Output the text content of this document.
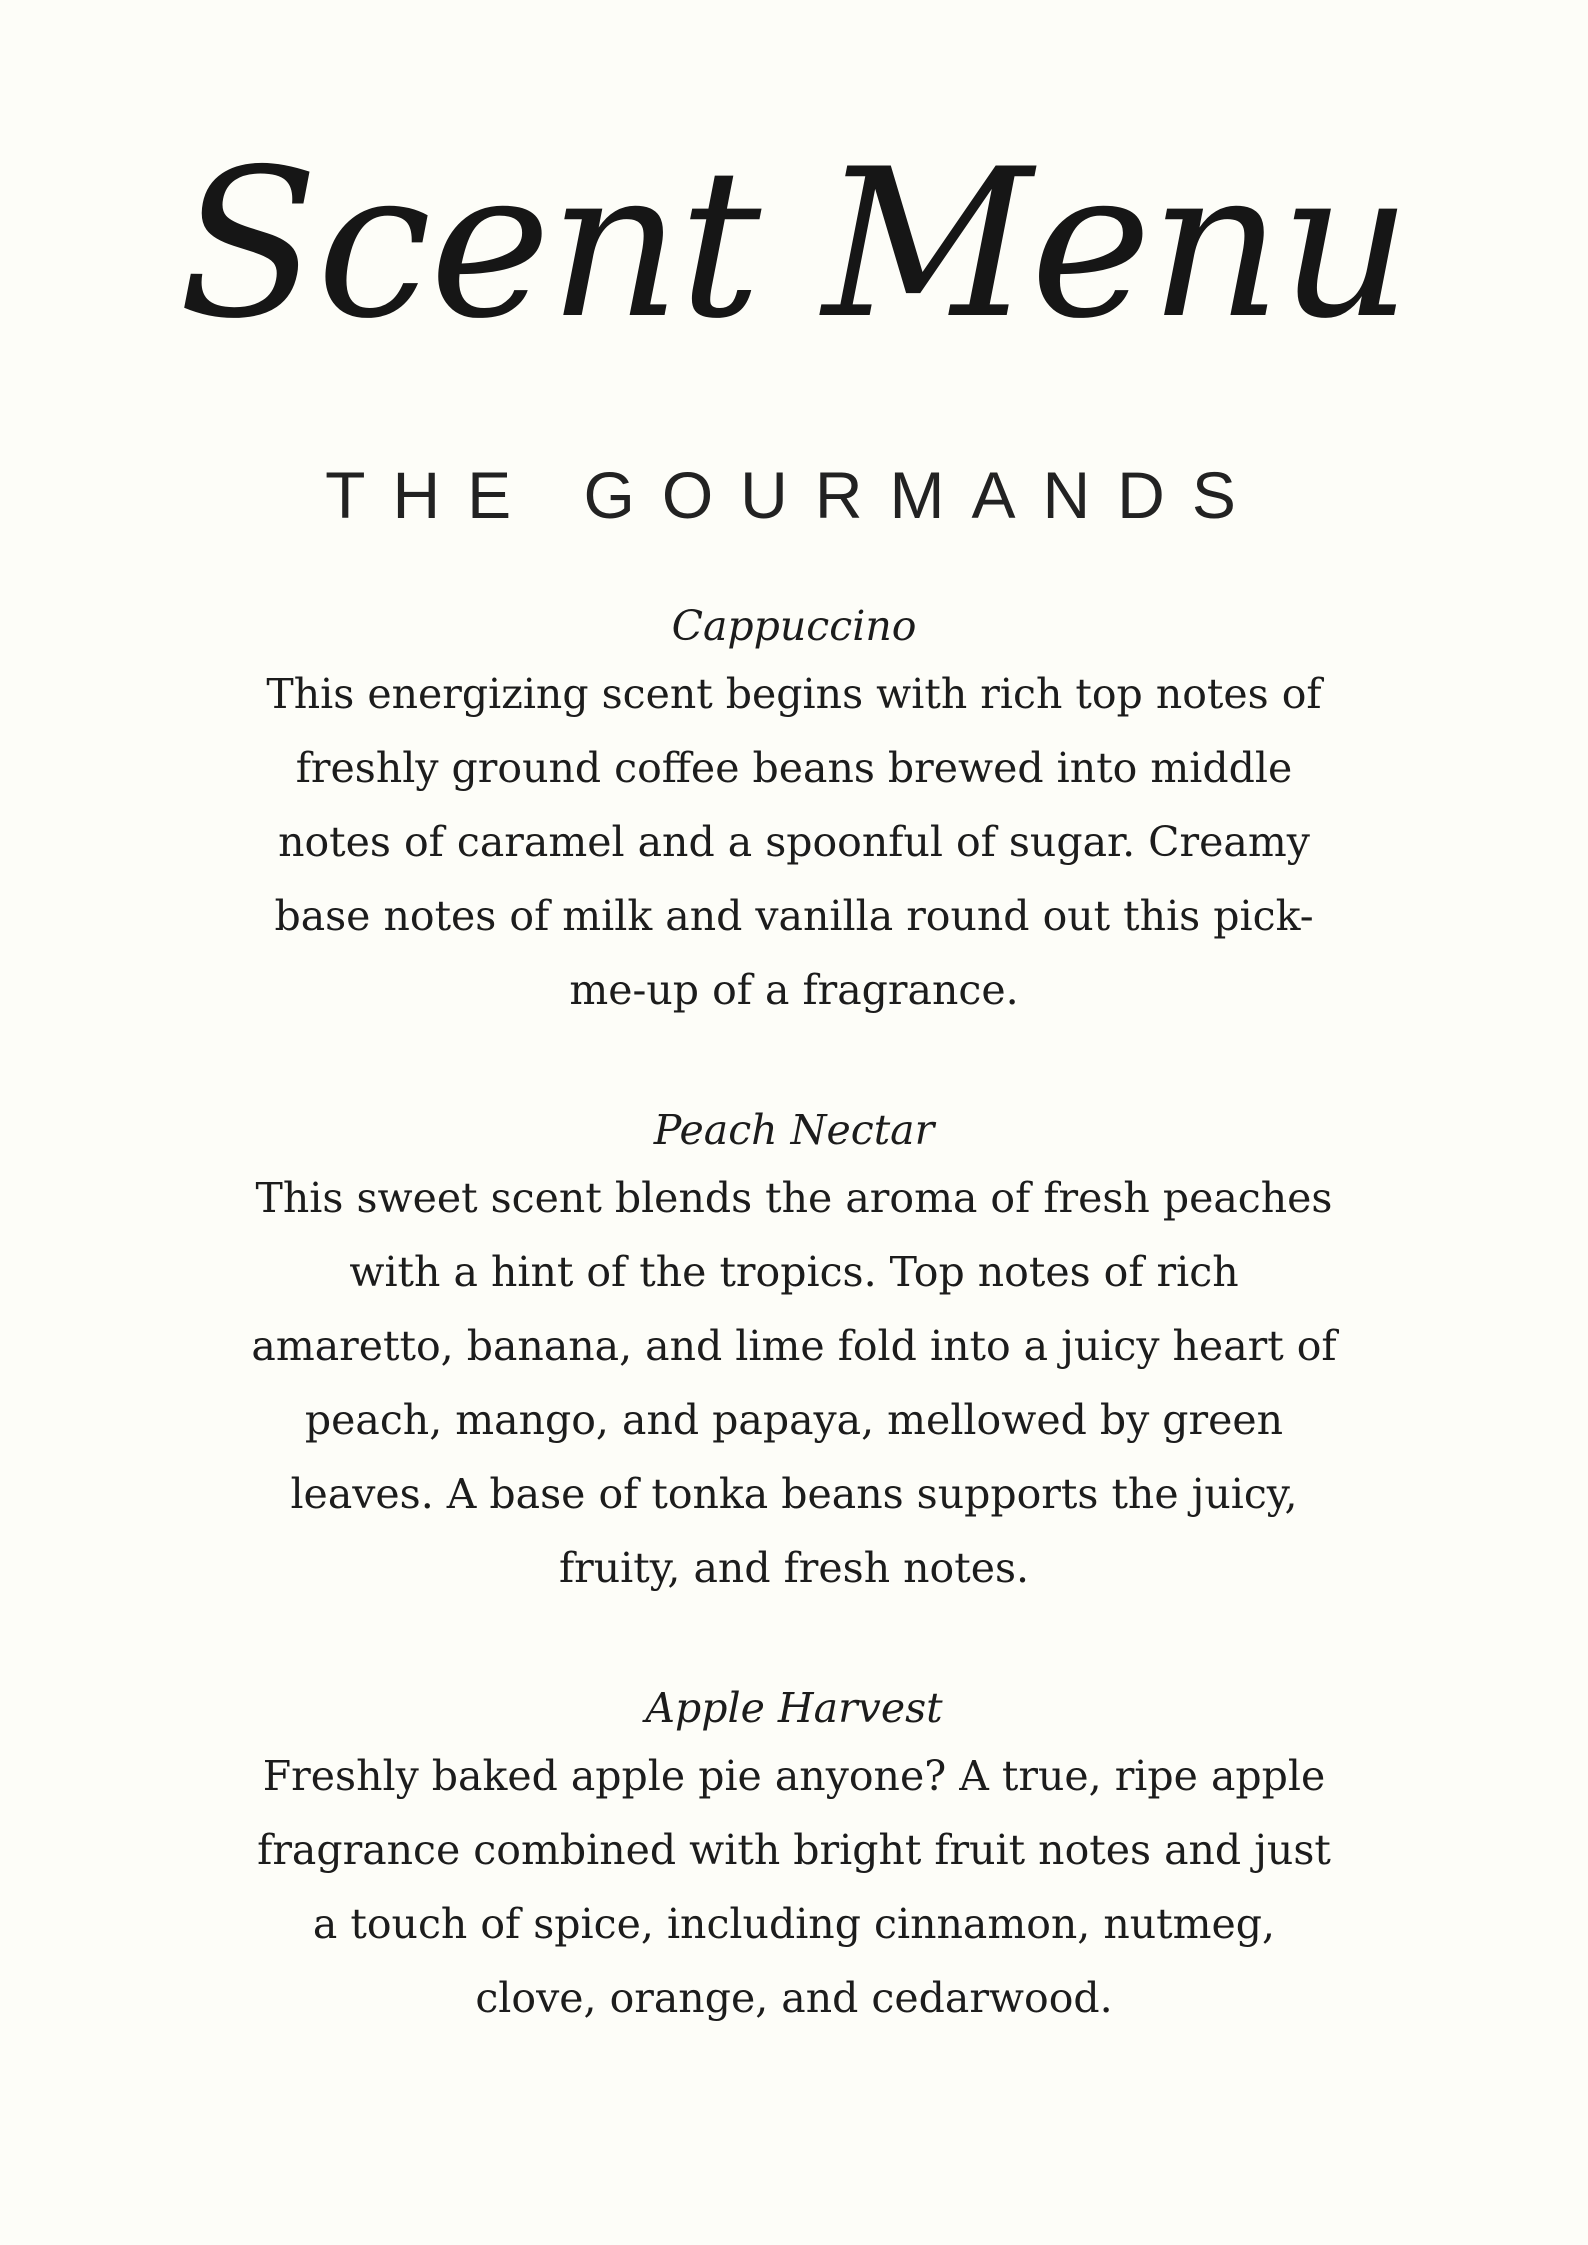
Scent Menu
THE GOURMANDS

Cappuccino

This energizing scent begins with rich top notes of
freshly ground coffee beans brewed into middle
notes of caramel and a spoonful of sugar. Creamy
base notes of milk and vanilla round out this pick-
me-up of a fragrance.

Peach Nectar

This sweet scent blends the aroma of fresh peaches
with a hint of the tropics. Top notes of rich
amaretto, banana, and lime fold into a juicy heart of
peach, mango, and papaya, mellowed by green
leaves. A base of tonka beans supports the juicy,
fruity, and fresh notes.

Apple Harvest

Freshly baked apple pie anyone? A true, ripe apple
fragrance combined with bright fruit notes and just
a touch of spice, including cinnamon, nutmeg,
clove, orange, and cedarwood.
